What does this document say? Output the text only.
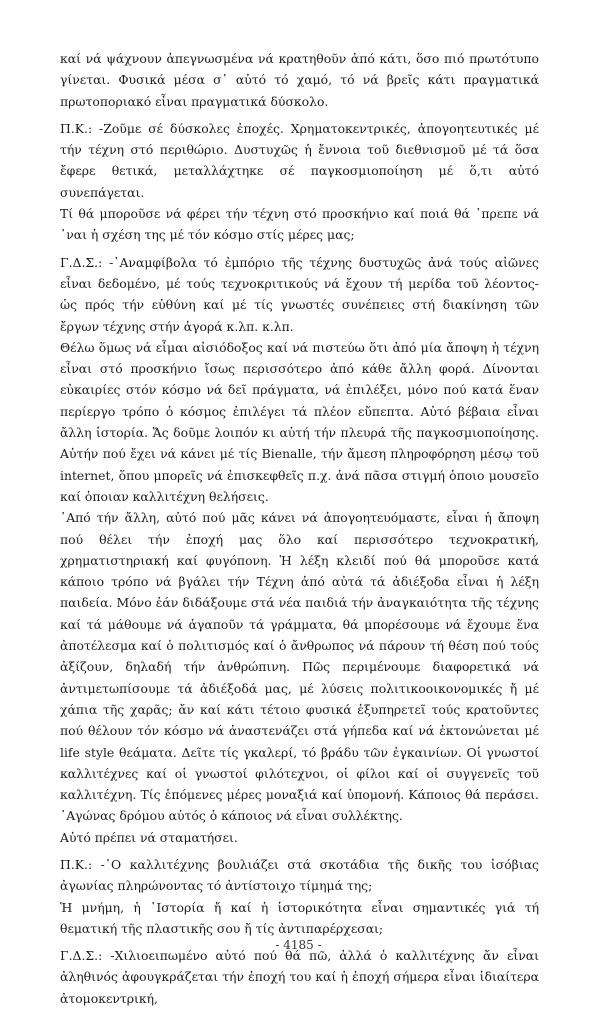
καί νά ψάχνουν ἀπεγνωσμένα νά κρατηθοῦν ἀπό κάτι, ὅσο πιό πρωτότυπο γίνεται. Φυσικά μέσα σ᾽ αὐτό τό χαμό, τό νά βρεῖς κάτι πραγματικά πρωτοποριακό εἶναι πραγματικά δύσκολο.

Π.Κ.: -Ζοῦμε σέ δύσκολες ἐποχές. Χρηματοκεντρικές, ἀπογοητευτικές μέ τήν τέχνη στό περιθώριο. Δυστυχῶς ἡ ἔννοια τοῦ διεθνισμοῦ μέ τά ὅσα ἔφερε θετικά, μεταλλάχτηκε σέ παγκοσμιοποίηση μέ ὅ,τι αὐτό συνεπάγεται.

Τί θά μποροῦσε νά φέρει τήν τέχνη στό προσκήνιο καί ποιά θά ᾽πρεπε νά ᾽ναι ἡ σχέση της μέ τόν κόσμο στίς μέρες μας;

Γ.Δ.Σ.: -᾽Αναμφίβολα τό ἐμπόριο τῆς τέχνης δυστυχῶς ἀνά τούς αἰῶνες εἶναι δεδομένο, μέ τούς τεχνοκριτικούς νά ἔχουν τή μερίδα τοῦ λέοντος- ὡς πρός τήν εὐθύνη καί μέ τίς γνωστές συνέπειες στή διακίνηση τῶν ἔργων τέχνης στήν ἀγορά κ.λπ. κ.λπ.

Θέλω ὅμως νά εἶμαι αἰσιόδοξος καί νά πιστεύω ὅτι ἀπό μία ἄποψη ἡ τέχνη εἶναι στό προσκήνιο ἴσως περισσότερο ἀπό κάθε ἄλλη φορά. Δίνονται εὐκαιρίες στόν κόσμο νά δεῖ πράγματα, νά ἐπιλέξει, μόνο πού κατά ἕναν περίεργο τρόπο ὁ κόσμος ἐπιλέγει τά πλέον εὔπεπτα. Αὐτό βέβαια εἶναι ἄλλη ἱστορία. Ἄς δοῦμε λοιπόν κι αὐτή τήν πλευρά τῆς παγκοσμιοποίησης. Αὐτήν πού ἔχει νά κάνει μέ τίς Bienalle, τήν ἄμεση πληροφόρηση μέσῳ τοῦ internet, ὅπου μπορεῖς νά ἐπισκεφθεῖς π.χ. ἀνά πᾶσα στιγμή ὁποιο μουσεῖο καί ὁποιαν καλλιτέχνη θελήσεις.

᾽Από τήν ἄλλη, αὐτό πού μᾶς κάνει νά ἀπογοητευόμαστε, εἶναι ἡ ἄποψη πού θέλει τήν ἐποχή μας ὅλο καί περισσότερο τεχνοκρατική, χρηματιστηριακή καί φυγόπονη. Ἡ λέξη κλειδί πού θά μποροῦσε κατά κάποιο τρόπο νά βγάλει τήν Τέχνη ἀπό αὐτά τά ἀδιέξοδα εἶναι ἡ λέξη παιδεία. Μόνο ἐάν διδάξουμε στά νέα παιδιά τήν ἀναγκαιότητα τῆς τέχνης καί τά μάθουμε νά ἀγαποῦν τά γράμματα, θά μπορέσουμε νά ἔχουμε ἕνα ἀποτέλεσμα καί ὁ πολιτισμός καί ὁ ἄνθρωπος νά πάρουν τή θέση πού τούς ἀξίζουν, δηλαδή τήν ἀνθρώπινη. Πῶς περιμένουμε διαφορετικά νά ἀντιμετωπίσουμε τά ἀδιέξοδά μας, μέ λύσεις πολιτικοοικονομικές ἤ μέ χάπια τῆς χαρᾶς; ἄν καί κάτι τέτοιο φυσικά ἐξυπηρετεῖ τούς κρατοῦντες πού θέλουν τόν κόσμο νά ἀναστενάζει στά γήπεδα καί νά ἐκτονώνεται μέ life style θεάματα. Δεῖτε τίς γκαλερί, τό βράδυ τῶν ἐγκαινίων. Οἱ γνωστοί καλλιτέχνες καί οἱ γνωστοί φιλότεχνοι, οἱ φίλοι καί οἱ συγγενεῖς τοῦ καλλιτέχνη. Τίς ἑπόμενες μέρες μοναξιά καί ὑπομονή. Κάποιος θά περάσει. ᾽Αγώνας δρόμου αὐτός ὁ κάποιος νά εἶναι συλλέκτης.

Αὐτό πρέπει νά σταματήσει.

Π.Κ.: -῾Ο καλλιτέχνης βουλιάζει στά σκοτάδια τῆς δικῆς του ἰσόβιας ἀγωνίας πληρώνοντας τό ἀντίστοιχο τίμημά της;

Ἡ μνήμη, ἡ ῾Ιστορία ἤ καί ἡ ἱστορικότητα εἶναι σημαντικές γιά τή θεματική τῆς πλαστικῆς σου ἤ τίς ἀντιπαρέρχεσαι;

Γ.Δ.Σ.: -Χιλιοειπωμένο αὐτό πού θά πῶ, ἀλλά ὁ καλλιτέχνης ἄν εἶναι ἀληθινός ἀφουγκράζεται τήν ἐποχή του καί ἡ ἐποχή σήμερα εἶναι ἰδιαίτερα ἀτομοκεντρική,

- 4185 -
